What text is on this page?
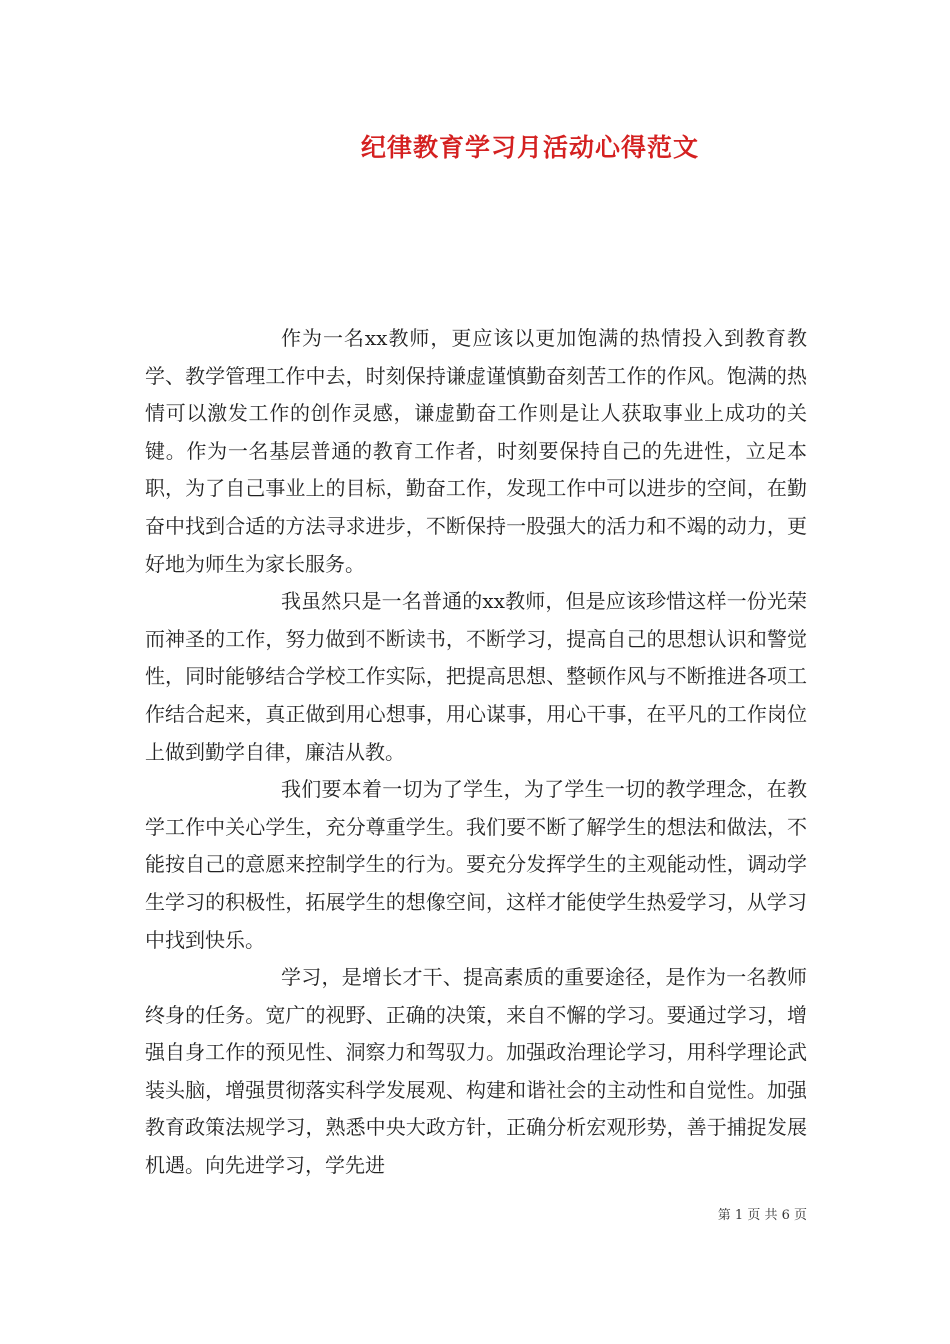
纪律教育学习月活动心得范文

作为一名xx教师，更应该以更加饱满的热情投入到教育教学、教学管理工作中去，时刻保持谦虚谨慎勤奋刻苦工作的作风。饱满的热情可以激发工作的创作灵感，谦虚勤奋工作则是让人获取事业上成功的关键。作为一名基层普通的教育工作者，时刻要保持自己的先进性，立足本职，为了自己事业上的目标，勤奋工作，发现工作中可以进步的空间，在勤奋中找到合适的方法寻求进步，不断保持一股强大的活力和不竭的动力，更好地为师生为家长服务。

我虽然只是一名普通的xx教师，但是应该珍惜这样一份光荣而神圣的工作，努力做到不断读书，不断学习，提高自己的思想认识和警觉性，同时能够结合学校工作实际，把提高思想、整顿作风与不断推进各项工作结合起来，真正做到用心想事，用心谋事，用心干事，在平凡的工作岗位上做到勤学自律，廉洁从教。

我们要本着一切为了学生，为了学生一切的教学理念，在教学工作中关心学生，充分尊重学生。我们要不断了解学生的想法和做法，不能按自己的意愿来控制学生的行为。要充分发挥学生的主观能动性，调动学生学习的积极性，拓展学生的想像空间，这样才能使学生热爱学习，从学习中找到快乐。

学习，是增长才干、提高素质的重要途径，是作为一名教师终身的任务。宽广的视野、正确的决策，来自不懈的学习。要通过学习，增强自身工作的预见性、洞察力和驾驭力。加强政治理论学习，用科学理论武装头脑，增强贯彻落实科学发展观、构建和谐社会的主动性和自觉性。加强教育政策法规学习，熟悉中央大政方针，正确分析宏观形势，善于捕捉发展机遇。向先进学习，学先进

第 1 页 共 6 页
